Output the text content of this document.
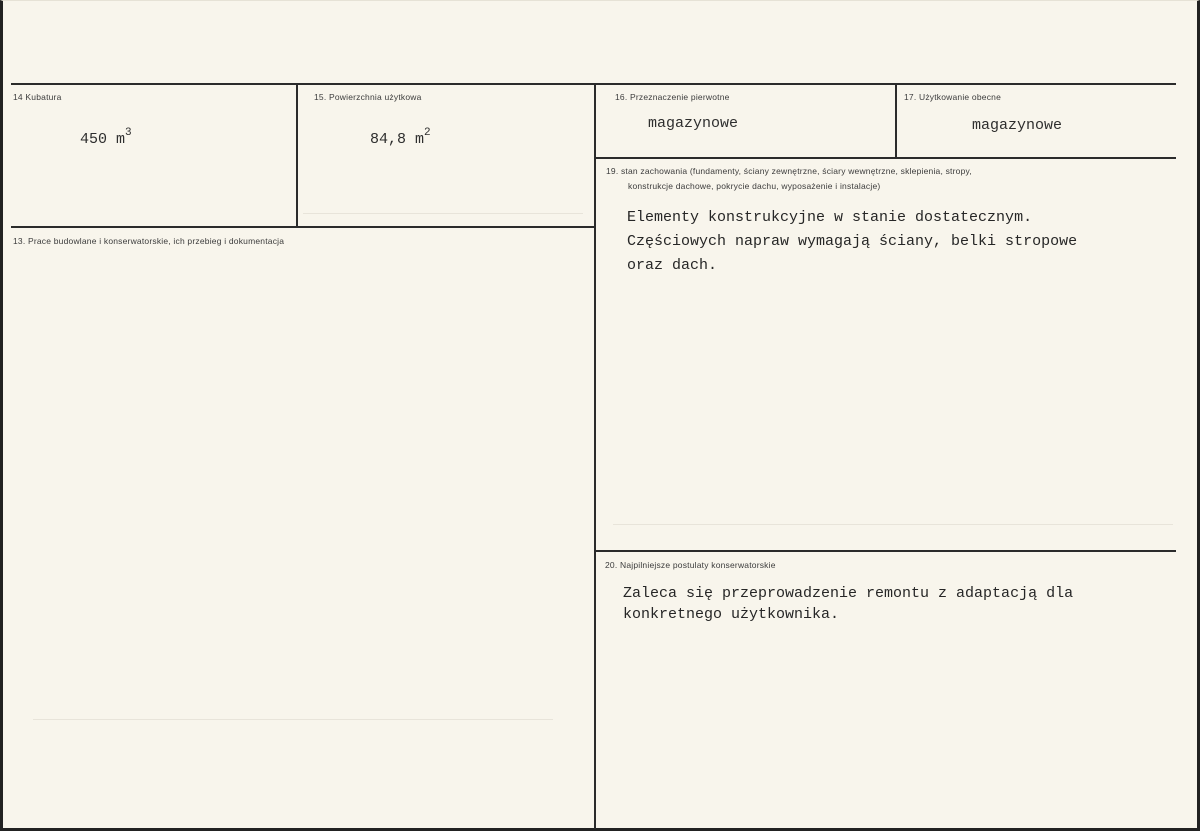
14 Kubatura
450 $m^3$
15. Powierzchnia użytkowa
84,8 $m^2$
16. Przeznaczenie pierwotne
magazynowe
17. Użytkowanie obecne
magazynowe
13. Prace budowlane i konserwatorskie, ich przebieg i dokumentacja
19. stan zachowania (fundamenty, ściany zewnętrzne, ściary wewnętrzne, sklepienia, stropy,
konstrukcje dachowe, pokrycie dachu, wyposażenie i instalacje)
Elementy konstrukcyjne w stanie dostatecznym.
Częściowych napraw wymagają ściany, belki stropowe
oraz dach.
20. Najpilniejsze postulaty konserwatorskie
Zaleca się przeprowadzenie remontu z adaptacją dla
konkretnego użytkownika.
